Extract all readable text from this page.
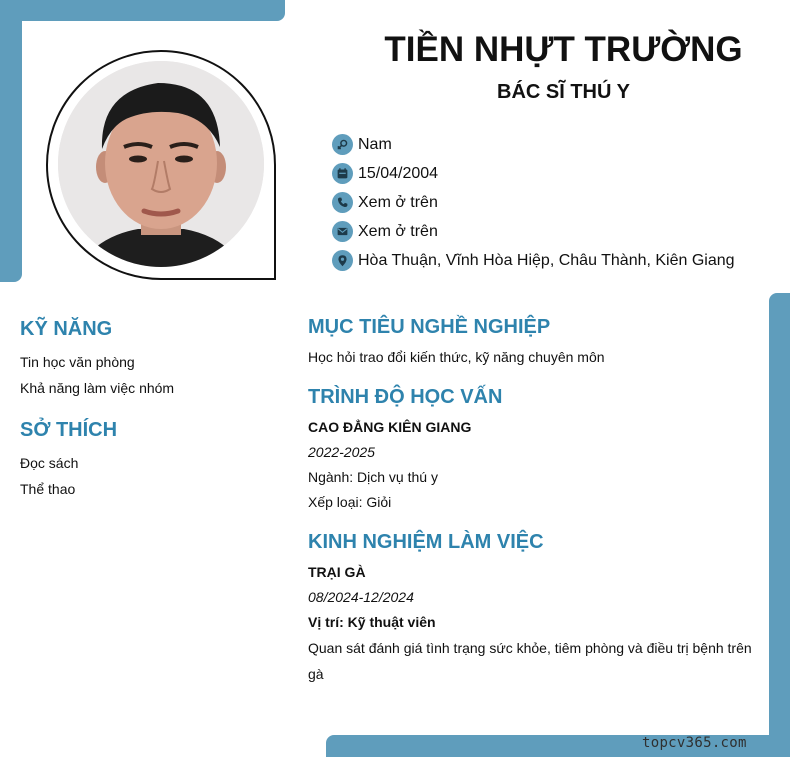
topcv365.com
TIỀN NHỰT TRƯỜNG
BÁC SĨ THÚ Y
Nam
15/04/2004
Xem ở trên
Xem ở trên
Hòa Thuận, Vĩnh Hòa Hiệp, Châu Thành, Kiên Giang
KỸ NĂNG
Tin học văn phòng
Khả năng làm việc nhóm
SỞ THÍCH
Đọc sách
Thể thao
MỤC TIÊU NGHỀ NGHIỆP
Học hỏi trao đổi kiến thức, kỹ năng chuyên môn
TRÌNH ĐỘ HỌC VẤN
CAO ĐẲNG KIÊN GIANG
2022-2025
Ngành: Dịch vụ thú y
Xếp loại: Giỏi
KINH NGHIỆM LÀM VIỆC
TRẠI GÀ
08/2024-12/2024
Vị trí: Kỹ thuật viên
Quan sát đánh giá tình trạng sức khỏe, tiêm phòng và điều trị bệnh trên gà
